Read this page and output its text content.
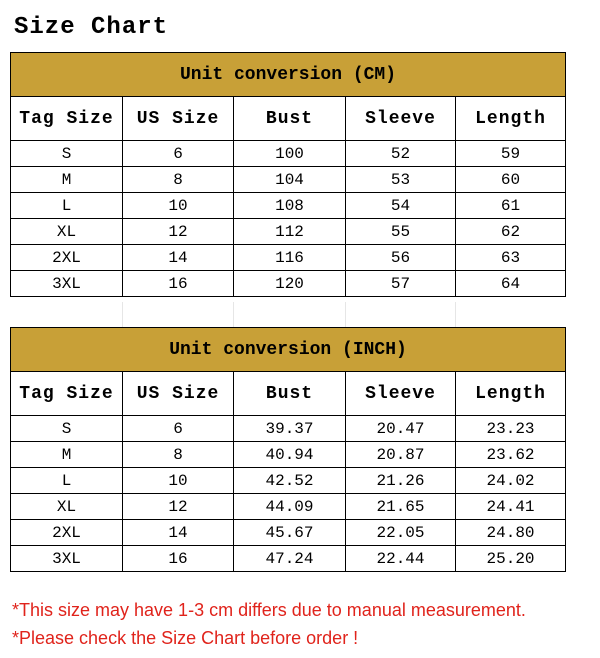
Size Chart
Unit conversion (CM)				
Tag Size	US Size	Bust	Sleeve	Length
S	6	100	52	59
M	8	104	53	60
L	10	108	54	61
XL	12	112	55	62
2XL	14	116	56	63
3XL	16	120	57	64
Unit conversion (INCH)				
Tag Size	US Size	Bust	Sleeve	Length
S	6	39.37	20.47	23.23
M	8	40.94	20.87	23.62
L	10	42.52	21.26	24.02
XL	12	44.09	21.65	24.41
2XL	14	45.67	22.05	24.80
3XL	16	47.24	22.44	25.20
*This size may have 1-3 cm differs due to manual measurement.
*Please check the Size Chart before order !
